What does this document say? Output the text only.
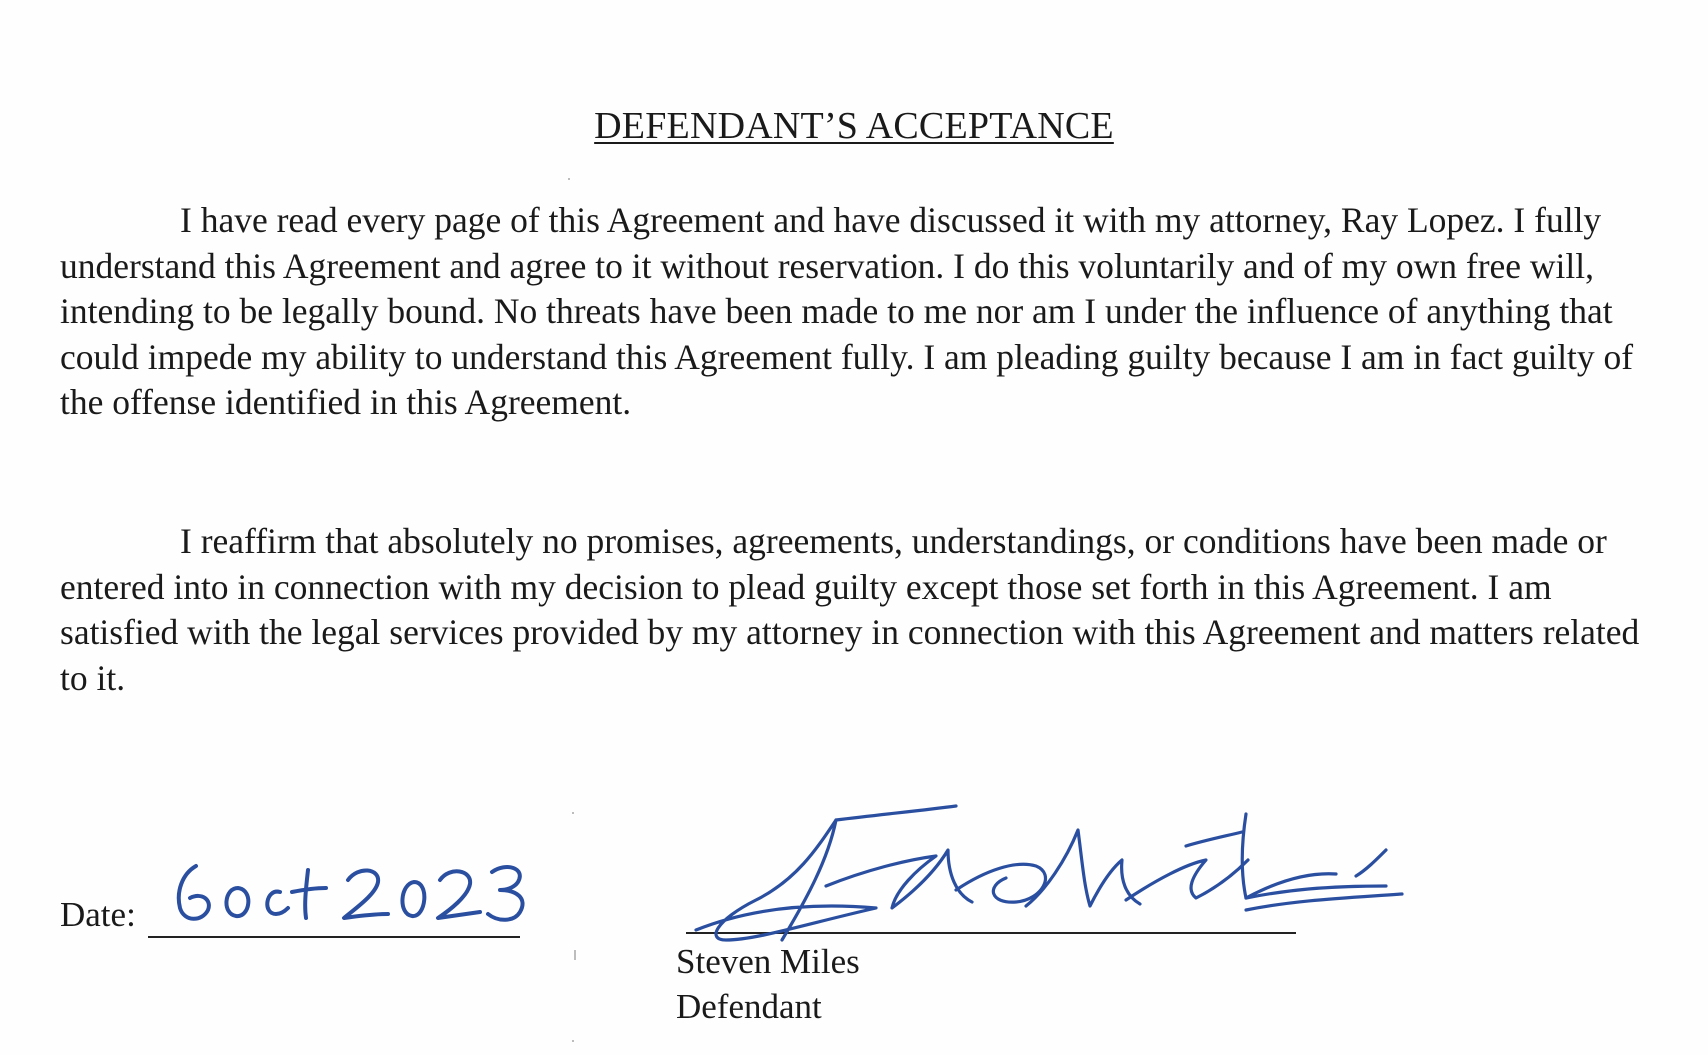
DEFENDANT’S ACCEPTANCE

I have read every page of this Agreement and have discussed it with my attorney, Ray Lopez. I fully understand this Agreement and agree to it without reservation. I do this voluntarily and of my own free will, intending to be legally bound. No threats have been made to me nor am I under the influence of anything that could impede my ability to understand this Agreement fully. I am pleading guilty because I am in fact guilty of the offense identified in this Agreement.

I reaffirm that absolutely no promises, agreements, understandings, or conditions have been made or entered into in connection with my decision to plead guilty except those set forth in this Agreement. I am satisfied with the legal services provided by my attorney in connection with this Agreement and matters related to it.

Date:
Steven Miles
Defendant
